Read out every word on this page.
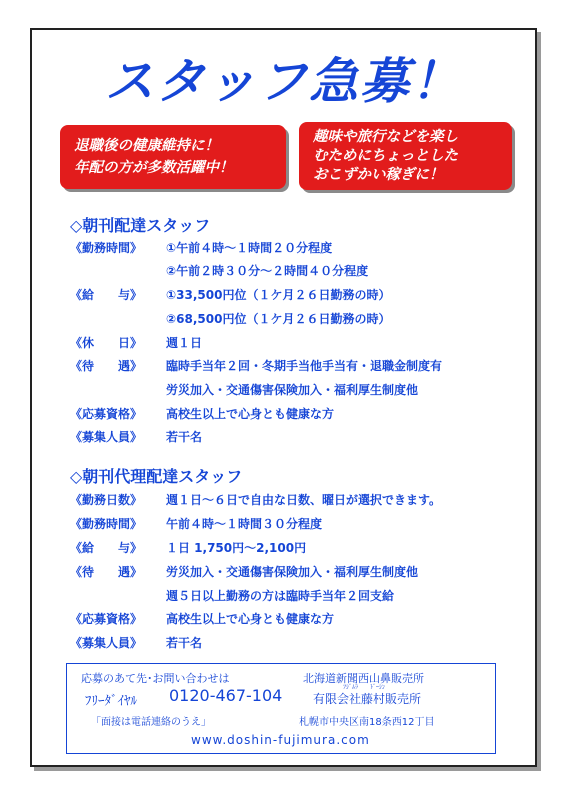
スタッフ急募！
退職後の健康維持に！
年配の方が多数活躍中！
趣味や旅行などを楽し
むためにちょっとした
おこずかい稼ぎに！
◇朝刊配達スタッフ
《勤務時間》 ①午前４時～１時間２０分程度
②午前２時３０分～２時間４０分程度
《給　　与》 ①33,500円位（１ケ月２６日勤務の時）
②68,500円位（１ケ月２６日勤務の時）
《休　　日》 週１日
《待　　遇》 臨時手当年２回・冬期手当他手当有・退職金制度有
労災加入・交通傷害保険加入・福利厚生制度他
《応募資格》 高校生以上で心身とも健康な方
《募集人員》 若干名
◇朝刊代理配達スタッフ
《勤務日数》 週１日～６日で自由な日数、曜日が選択できます。
《勤務時間》 午前４時～１時間３０分程度
《給　　与》 １日 1,750円～2,100円
《待　　遇》 労災加入・交通傷害保険加入・福利厚生制度他
週５日以上勤務の方は臨時手当年２回支給
《応募資格》 高校生以上で心身とも健康な方
《募集人員》 若干名
応募のあて先･お問い合わせは	北海道新聞西山鼻販売所
ﾌﾘｰﾀﾞｲﾔﾙ 0120-467-104	ﾌｼﾞﾑﾗ　　ﾄﾞｰｼﾝ
有限会社藤村販売所
「面接は電話連絡のうえ」	札幌市中央区南18条西12丁目
www.doshin-fujimura.com
